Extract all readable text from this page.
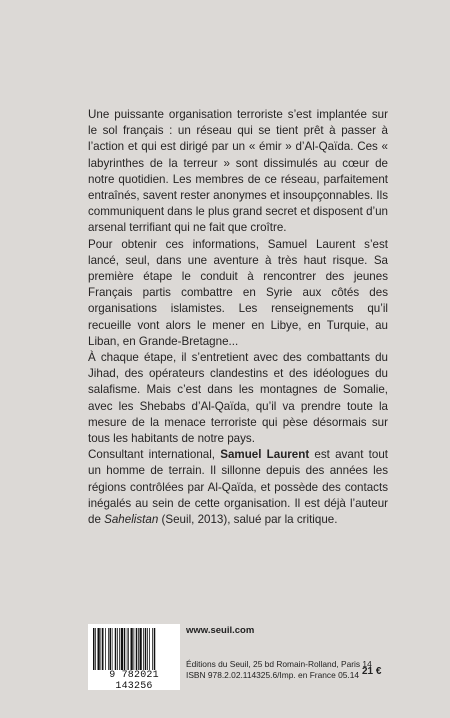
Une puissante organisation terroriste s’est implantée sur le sol français : un réseau qui se tient prêt à passer à l’action et qui est dirigé par un « émir » d’Al-Qaïda. Ces « labyrinthes de la terreur » sont dissimulés au cœur de notre quotidien. Les membres de ce réseau, parfaitement entraînés, savent rester anonymes et insoupçonnables. Ils communiquent dans le plus grand secret et disposent d’un arsenal terrifiant qui ne fait que croître.

Pour obtenir ces informations, Samuel Laurent s’est lancé, seul, dans une aventure à très haut risque. Sa première étape le conduit à rencontrer des jeunes Français partis combattre en Syrie aux côtés des organisations islamistes. Les renseignements qu’il recueille vont alors le mener en Libye, en Turquie, au Liban, en Grande-Bretagne...

À chaque étape, il s’entretient avec des combattants du Jihad, des opérateurs clandestins et des idéologues du salafisme. Mais c’est dans les montagnes de Somalie, avec les Shebabs d’Al-Qaïda, qu’il va prendre toute la mesure de la menace terroriste qui pèse désormais sur tous les habitants de notre pays.

Consultant international, Samuel Laurent est avant tout un homme de terrain. Il sillonne depuis des années les régions contrôlées par Al-Qaïda, et possède des contacts inégalés au sein de cette organisation. Il est déjà l’auteur de Sahelistan (Seuil, 2013), salué par la critique.

9 782021 143256
www.seuil.com
Éditions du Seuil, 25 bd Romain-Rolland, Paris 14
ISBN 978.2.02.114325.6/Imp. en France 05.14 21 €
